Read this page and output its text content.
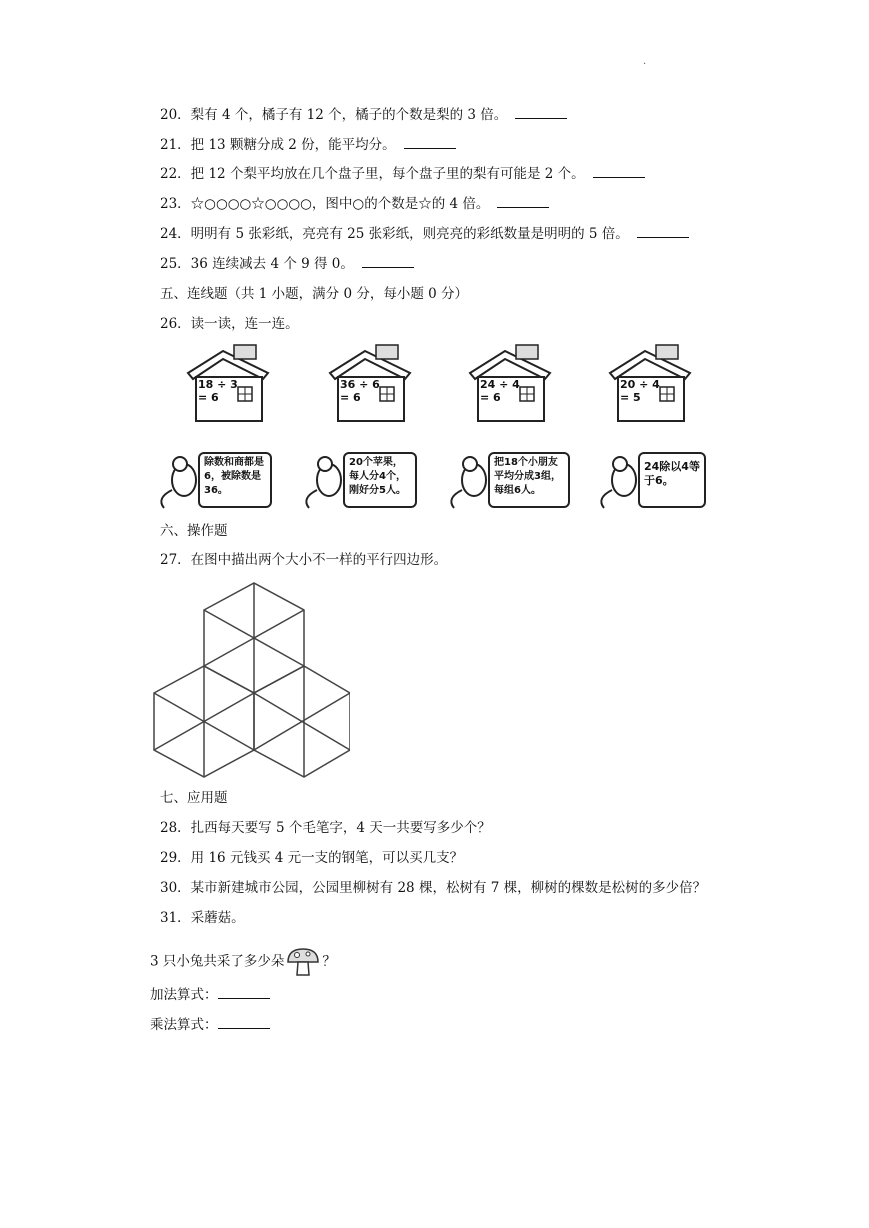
.
20．梨有 4 个，橘子有 12 个，橘子的个数是梨的 3 倍。
21．把 13 颗糖分成 2 份，能平均分。
22．把 12 个梨平均放在几个盘子里，每个盘子里的梨有可能是 2 个。
23．☆○○○○☆○○○○，图中○的个数是☆的 4 倍。
24．明明有 5 张彩纸，亮亮有 25 张彩纸，则亮亮的彩纸数量是明明的 5 倍。
25．36 连续减去 4 个 9 得 0。
五、连线题（共 1 小题，满分 0 分，每小题 0 分）
26．读一读，连一连。
18 ÷ 3
= 6
36 ÷ 6
= 6
24 ÷ 4
= 6
20 ÷ 4
= 5
除数和商都是6，被除数是36。
20个苹果，每人分4个，刚好分5人。
把18个小朋友平均分成3组，每组6人。
24除以4等于6。
六、操作题
27．在图中描出两个大小不一样的平行四边形。
七、应用题
28．扎西每天要写 5 个毛笔字，4 天一共要写多少个？
29．用 16 元钱买 4 元一支的钢笔，可以买几支？
30．某市新建城市公园，公园里柳树有 28 棵，松树有 7 棵，柳树的棵数是松树的多少倍？
31．采蘑菇。
3 只小兔共采了多少朵	？
加法算式：
乘法算式：
